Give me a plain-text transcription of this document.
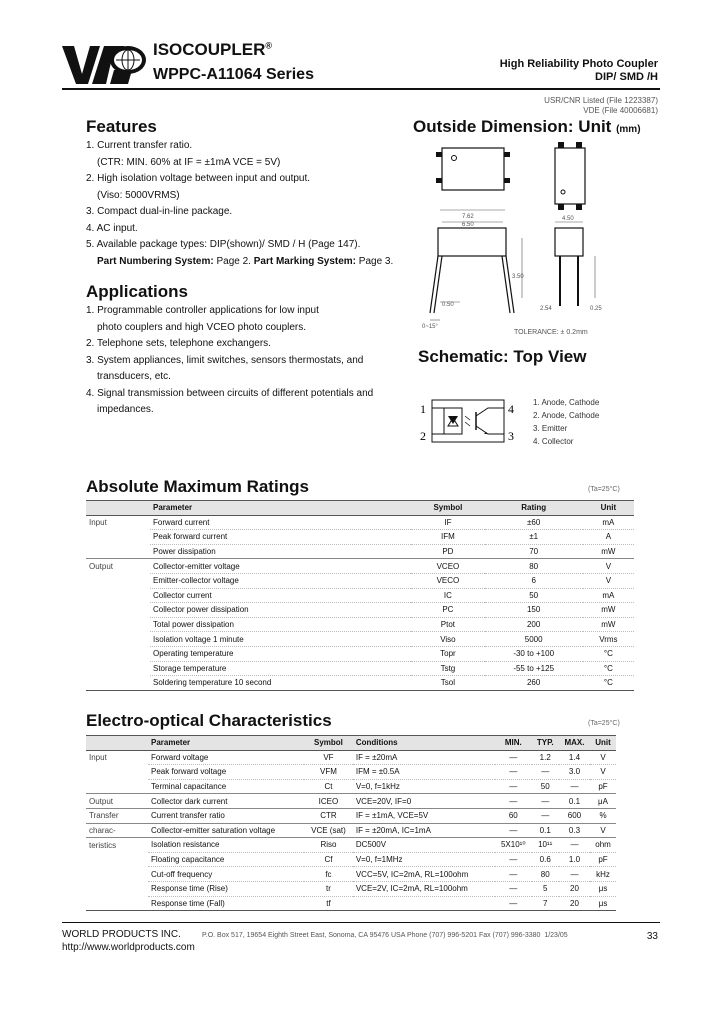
ISOCOUPLER®
WPPC-A11064 Series
High Reliability Photo Coupler
DIP/ SMD /H
USR/CNR Listed (File 1223387)
VDE (File 40006681)
Features
1. Current transfer ratio.
(CTR: MIN. 60% at IF = ±1mA VCE = 5V)
2. High isolation voltage between input and output.
(Viso: 5000VRMS)
3. Compact dual-in-line package.
4. AC input.
5. Available package types: DIP(shown)/ SMD / H (Page 147).
Part Numbering System: Page 2. Part Marking System: Page 3.
Applications
1. Programmable controller applications for low input
photo couplers and high VCEO photo couplers.
2. Telephone sets, telephone exchangers.
3. System appliances, limit switches, sensors thermostats, and
transducers, etc.
4. Signal transmission between circuits of different potentials and
impedances.
Outside Dimension: Unit (mm)
7.62
6.50
4.50
3.50
0.50
2.54	0.25
0~15°
TOLERANCE: ± 0.2mm
Schematic: Top View
1
2
4
3
1. Anode, Cathode
2. Anode, Cathode
3. Emitter
4. Collector
Absolute Maximum Ratings	(Ta=25°C)
	Parameter	Symbol	Rating	Unit
Input	Forward current	IF	±60	mA
	Peak forward current	IFM	±1	A
	Power dissipation	PD	70	mW
Output	Collector-emitter voltage	VCEO	80	V
	Emitter-collector voltage	VECO	6	V
	Collector current	IC	50	mA
	Collector power dissipation	PC	150	mW
	Total power dissipation	Ptot	200	mW
	Isolation voltage 1 minute	Viso	5000	Vrms
	Operating temperature	Topr	-30 to +100	°C
	Storage temperature	Tstg	-55 to +125	°C
	Soldering temperature 10 second	Tsol	260	°C
Electro-optical Characteristics	(Ta=25°C)
	Parameter	Symbol	Conditions	MIN.	TYP.	MAX.	Unit
Input	Forward voltage	VF	IF = ±20mA	—	1.2	1.4	V
	Peak forward voltage	VFM	IFM = ±0.5A	—	—	3.0	V
	Terminal capacitance	Ct	V=0, f=1kHz	—	50	—	pF
Output	Collector dark current	ICEO	VCE=20V, IF=0	—	—	0.1	μA
Transfer	Current transfer ratio	CTR	IF = ±1mA, VCE=5V	60	—	600	%
charac-	Collector-emitter saturation voltage	VCE (sat)	IF = ±20mA, IC=1mA	—	0.1	0.3	V
teristics	Isolation resistance	Riso	DC500V	5X10¹⁰	10¹¹	—	ohm
	Floating capacitance	Cf	V=0, f=1MHz	—	0.6	1.0	pF
	Cut-off frequency	fc	VCC=5V, IC=2mA, RL=100ohm	—	80	—	kHz
	Response time (Rise)	tr	VCE=2V, IC=2mA, RL=100ohm	—	5	20	μs
	Response time (Fall)	tf		—	7	20	μs
WORLD PRODUCTS INC.
http://www.worldproducts.com
P.O. Box 517, 19654 Eighth Street East, Sonoma, CA 95476 USA Phone (707) 996-5201 Fax (707) 996-3380 1/23/05	33
